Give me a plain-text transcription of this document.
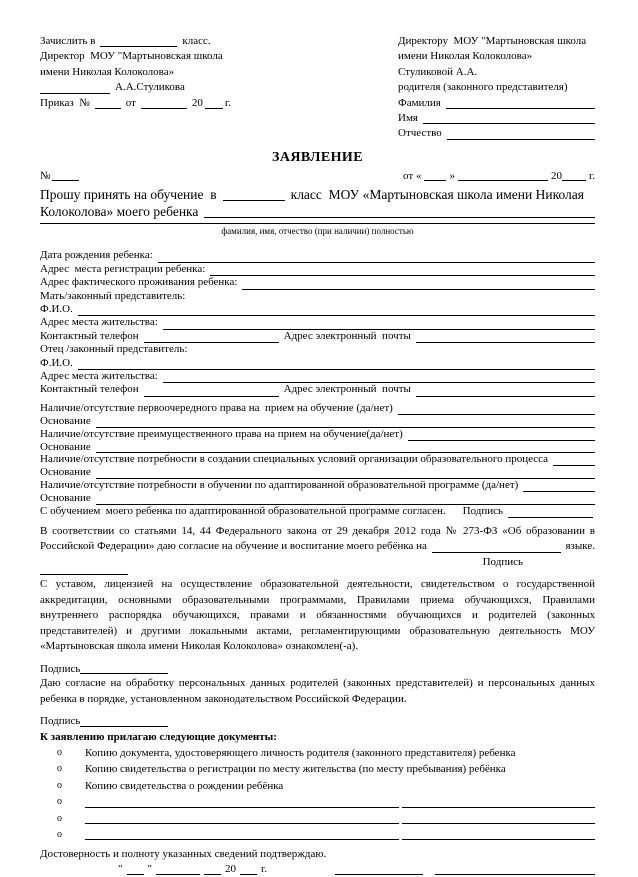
Зачислить в	класс.
Директор  МОУ "Мартыновская школа
имени Николая Колоколова»
А.А.Стуликова
Приказ  №	от	20 г.
Директору  МОУ "Мартыновская школа
имени Николая Колоколова»
Стуликовой А.А.
родителя (законного представителя)
Фамилия
Имя
Отчество
ЗАЯВЛЕНИЕ
№	от «	»	20 г.
Прошу принять на обучение  в	класс  МОУ «Мартыновская школа имени Николая
Колоколова» моего ребенка
фамилия, имя, отчество (при наличии) полностью
Дата рождения ребенка:
Адрес  места регистрации ребенка:
Адрес фактического проживания ребенка:
Мать/законный представитель:
Ф.И.О.
Адрес места жительства:
Контактный телефон	Адрес электронный  почты
Отец /законный представитель:
Ф.И.О.
Адрес места жительства:
Контактный телефон	Адрес электронный  почты
Наличие/отсутствие первоочередного права на  прием на обучение (да/нет)
Основание
Наличие/отсутствие преимущественного права на прием на обучение(да/нет)
Основание
Наличие/отсутствие потребности в создании специальных условий организации образовательного процесса
Основание
Наличие/отсутствие потребности в обучении по адаптированной образовательной программе (да/нет)
Основание
С обучением  моего ребенка по адаптированной образовательной программе согласен. Подпись
В соответствии со статьями 14, 44 Федерального закона от 29 декабря 2012 года № 273-ФЗ «Об образовании в
Российской Федерации» даю согласие на обучение и воспитание моего ребёнка на	языке.
Подпись
С уставом, лицензией на осуществление образовательной деятельности, свидетельством о государственной аккредитации, основными образовательными программами, Правилами приема обучающихся, Правилами внутреннего распорядка обучающихся, правами и обязанностями обучающихся и родителей (законных представителей) и другими локальными актами, регламентирующими образовательную деятельность МОУ «Мартыновская школа имени Николая Колоколова» ознакомлен(-а).
Подпись
Даю согласие на обработку персональных данных родителей (законных представителей) и персональных данных ребенка в порядке, установленном законодательством Российской Федерации.
Подпись
К заявлению прилагаю следующие документы:
o	Копию документа, удостоверяющего личность родителя (законного представителя) ребенка
o	Копию свидетельства о регистрации по месту жительства (по месту пребывания) ребёнка
o	Копию свидетельства о рождении ребёнка
o
o
o
Достоверность и полноту указанных сведений подтверждаю.
" "	20 г.
